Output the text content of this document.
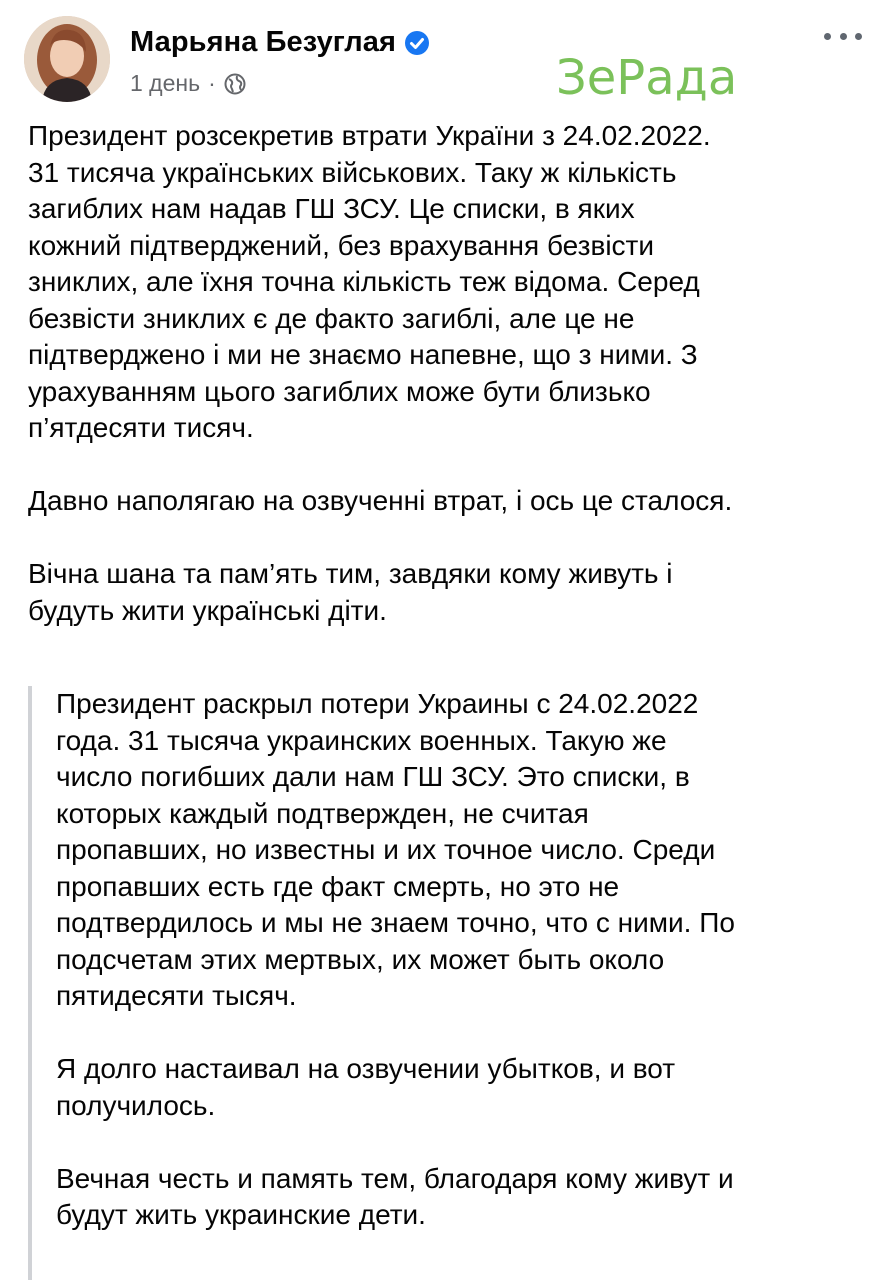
Марьяна Безуглая
1 день ·	ЗеРада
Президент розсекретив втрати України з 24.02.2022.
31 тисяча українських військових. Таку ж кількість
загиблих нам надав ГШ ЗСУ. Це списки, в яких
кожний підтверджений, без врахування безвісти
зниклих, але їхня точна кількість теж відома. Серед
безвісти зниклих є де факто загиблі, але це не
підтверджено і ми не знаємо напевне, що з ними. З
урахуванням цього загиблих може бути близько
п’ятдесяти тисяч.

Давно наполягаю на озвученні втрат, і ось це сталося.

Вічна шана та пам’ять тим, завдяки кому живуть і
будуть жити українські діти.
Президент раскрыл потери Украины с 24.02.2022
года. 31 тысяча украинских военных. Такую же
число погибших дали нам ГШ ЗСУ. Это списки, в
которых каждый подтвержден, не считая
пропавших, но известны и их точное число. Среди
пропавших есть где факт смерть, но это не
подтвердилось и мы не знаем точно, что с ними. По
подсчетам этих мертвых, их может быть около
пятидесяти тысяч.

Я долго настаивал на озвучении убытков, и вот
получилось.

Вечная честь и память тем, благодаря кому живут и
будут жить украинские дети.
